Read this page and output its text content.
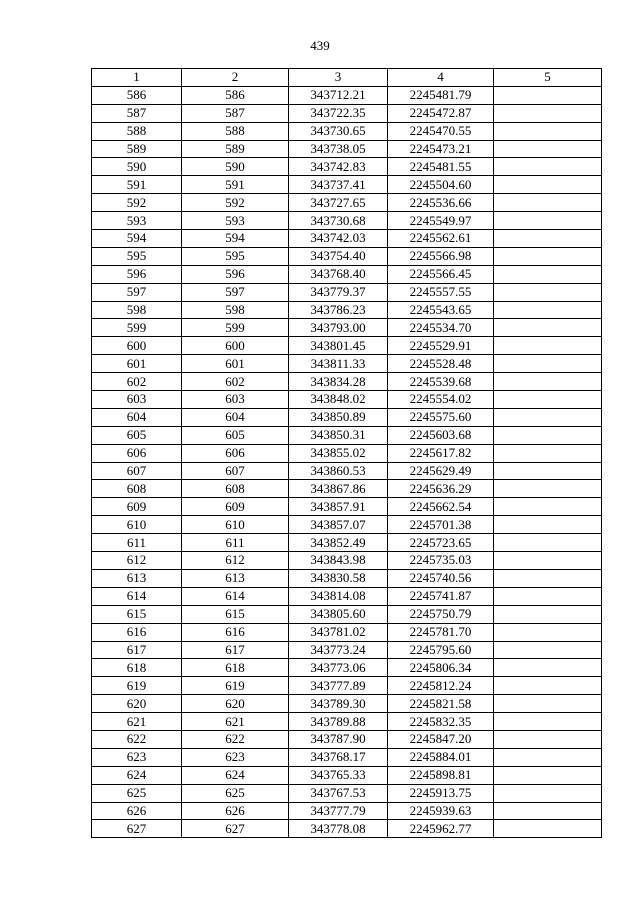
439
1	2	3	4	5
586	586	343712.21	2245481.79	
587	587	343722.35	2245472.87	
588	588	343730.65	2245470.55	
589	589	343738.05	2245473.21	
590	590	343742.83	2245481.55	
591	591	343737.41	2245504.60	
592	592	343727.65	2245536.66	
593	593	343730.68	2245549.97	
594	594	343742.03	2245562.61	
595	595	343754.40	2245566.98	
596	596	343768.40	2245566.45	
597	597	343779.37	2245557.55	
598	598	343786.23	2245543.65	
599	599	343793.00	2245534.70	
600	600	343801.45	2245529.91	
601	601	343811.33	2245528.48	
602	602	343834.28	2245539.68	
603	603	343848.02	2245554.02	
604	604	343850.89	2245575.60	
605	605	343850.31	2245603.68	
606	606	343855.02	2245617.82	
607	607	343860.53	2245629.49	
608	608	343867.86	2245636.29	
609	609	343857.91	2245662.54	
610	610	343857.07	2245701.38	
611	611	343852.49	2245723.65	
612	612	343843.98	2245735.03	
613	613	343830.58	2245740.56	
614	614	343814.08	2245741.87	
615	615	343805.60	2245750.79	
616	616	343781.02	2245781.70	
617	617	343773.24	2245795.60	
618	618	343773.06	2245806.34	
619	619	343777.89	2245812.24	
620	620	343789.30	2245821.58	
621	621	343789.88	2245832.35	
622	622	343787.90	2245847.20	
623	623	343768.17	2245884.01	
624	624	343765.33	2245898.81	
625	625	343767.53	2245913.75	
626	626	343777.79	2245939.63	
627	627	343778.08	2245962.77	
